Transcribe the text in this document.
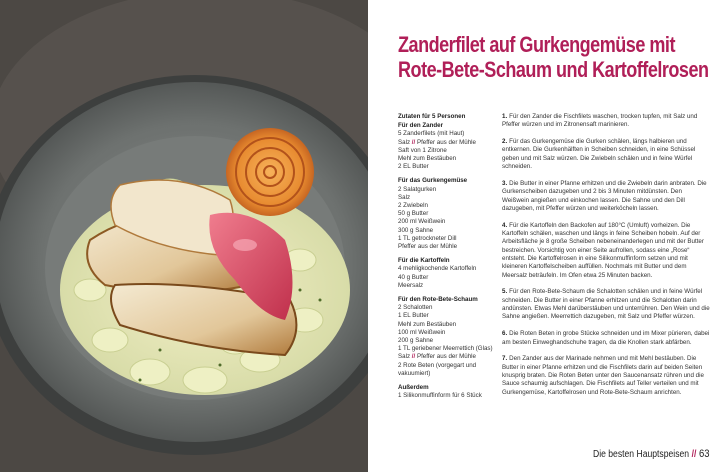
Zanderfilet auf Gurkengemüse mit
Rote-Bete-Schaum und Kartoffelrosen
Zutaten für 5 Personen
Für den Zander
5 Zanderfilets (mit Haut)
Salz // Pfeffer aus der Mühle
Saft von 1 Zitrone
Mehl zum Bestäuben
2 EL Butter
Für das Gurkengemüse
2 Salatgurken
Salz
2 Zwiebeln
50 g Butter
200 ml Weißwein
300 g Sahne
1 TL getrockneter Dill
Pfeffer aus der Mühle
Für die Kartoffeln
4 mehligkochende Kartoffeln
40 g Butter
Meersalz
Für den Rote-Bete-Schaum
2 Schalotten
1 EL Butter
Mehl zum Bestäuben
100 ml Weißwein
200 g Sahne
1 TL geriebener Meerrettich (Glas)
Salz // Pfeffer aus der Mühle
2 Rote Beten (vorgegart und
vakuumiert)
Außerdem
1 Silikonmuffinform für 6 Stück

1. Für den Zander die Fischfilets waschen, trocken tupfen, mit Salz und Pfeffer würzen und im Zitronensaft marinieren.

2. Für das Gurkengemüse die Gurken schälen, längs halbieren und entkernen. Die Gurkenhälften in Scheiben schneiden, in eine Schüssel geben und mit Salz würzen. Die Zwiebeln schälen und in feine Würfel schneiden.

3. Die Butter in einer Pfanne erhitzen und die Zwiebeln darin anbraten. Die Gurkenscheiben dazugeben und 2 bis 3 Minuten mitdünsten. Den Weißwein angießen und einkochen lassen. Die Sahne und den Dill dazugeben, mit Pfeffer würzen und weiterköcheln lassen.

4. Für die Kartoffeln den Backofen auf 180°C (Umluft) vorheizen. Die Kartoffeln schälen, waschen und längs in feine Scheiben hobeln. Auf der Arbeitsfläche je 8 große Scheiben nebeneinanderlegen und mit der Butter bestreichen. Vorsichtig von einer Seite aufrollen, sodass eine „Rose“ entsteht. Die Kartoffelrosen in eine Silikonmuffinform setzen und mit kleineren Kartoffelscheiben auffüllen. Nochmals mit Butter und dem Meersalz beträufeln. Im Ofen etwa 25 Minuten backen.

5. Für den Rote-Bete-Schaum die Schalotten schälen und in feine Würfel schneiden. Die Butter in einer Pfanne erhitzen und die Schalotten darin andünsten. Etwas Mehl darüberstäuben und unterrühren. Den Wein und die Sahne angießen. Meerrettich dazugeben, mit Salz und Pfeffer würzen.

6. Die Roten Beten in grobe Stücke schneiden und im Mixer pürieren, dabei am besten Einweghandschuhe tragen, da die Knollen stark abfärben.

7. Den Zander aus der Marinade nehmen und mit Mehl bestäuben. Die Butter in einer Pfanne erhitzen und die Fischfilets darin auf beiden Seiten knusprig braten. Die Roten Beten unter den Saucenansatz rühren und die Sauce schaumig aufschlagen. Die Fischfilets auf Teller verteilen und mit Gurkengemüse, Kartoffelrosen und Rote-Bete-Schaum anrichten.

Die besten Hauptspeisen // 63
